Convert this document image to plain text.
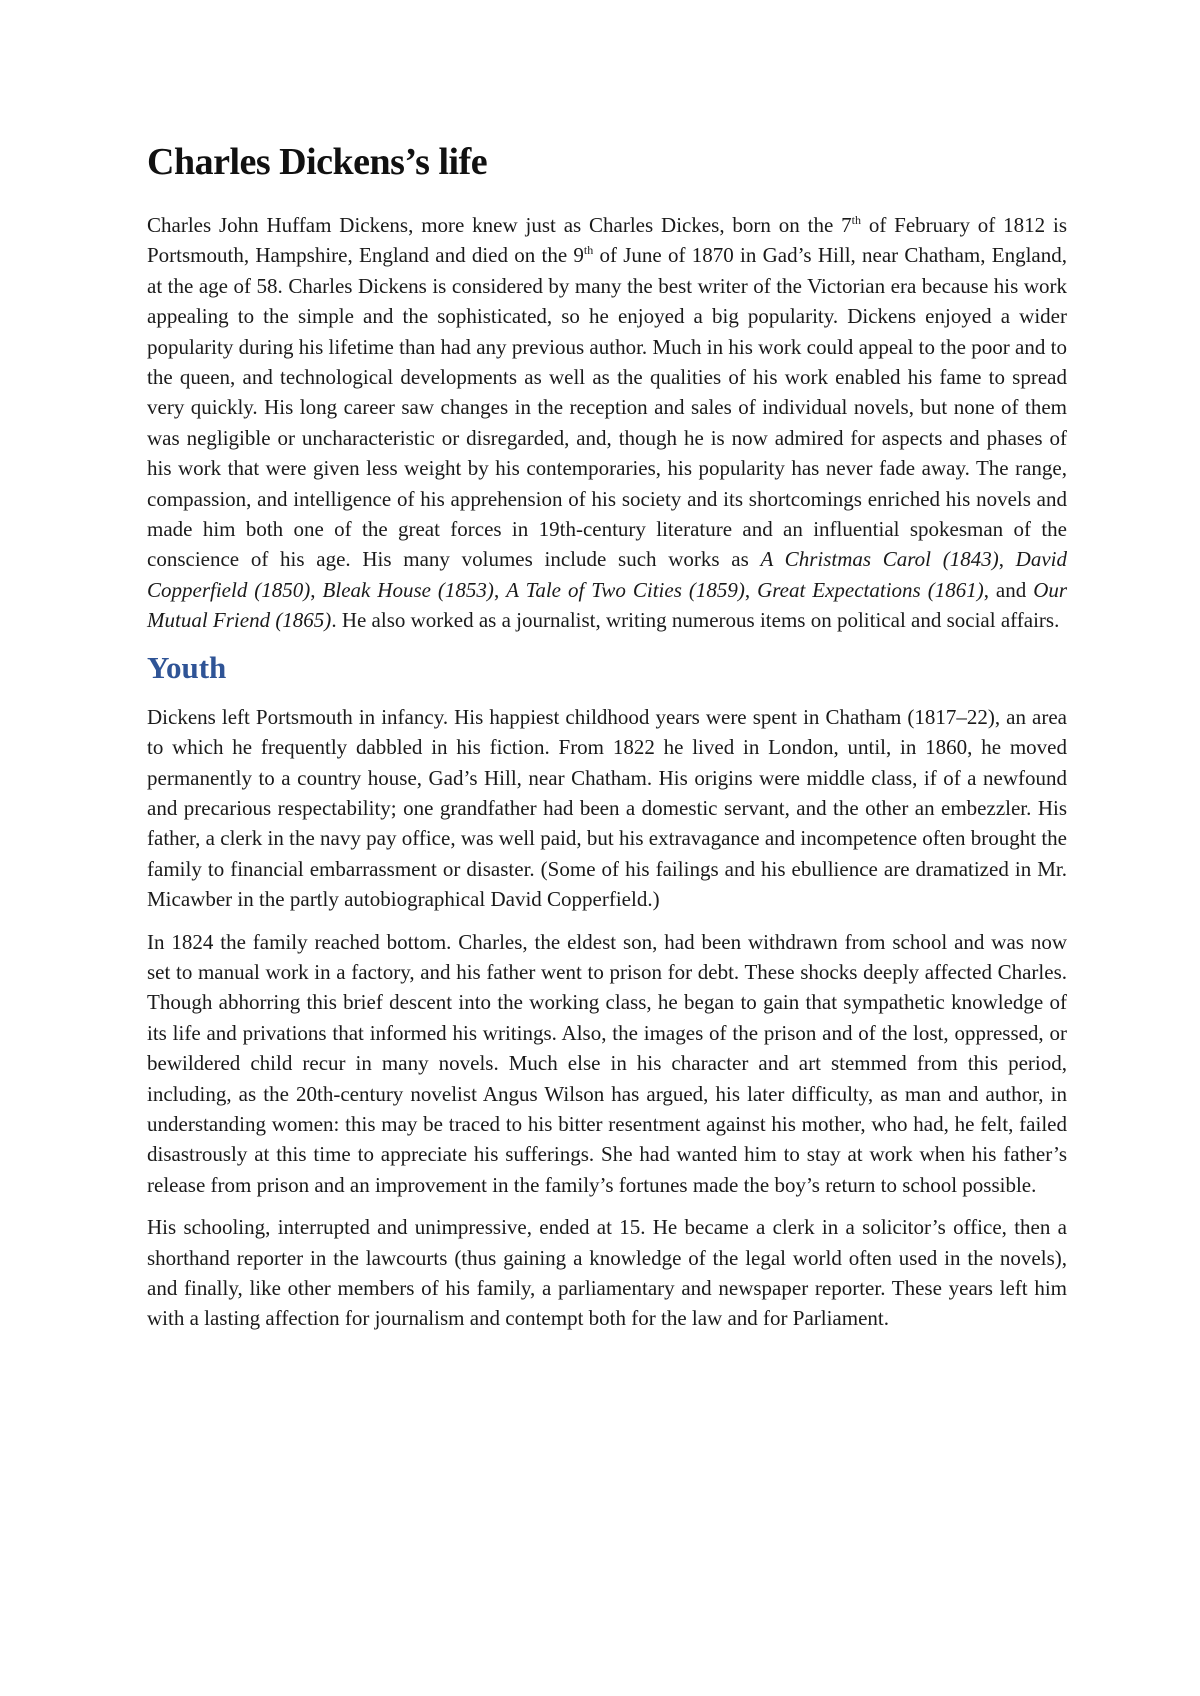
Charles Dickens’s life

Charles John Huffam Dickens, more knew just as Charles Dickes, born on the 7th of February of 1812 is Portsmouth, Hampshire, England and died on the 9th of June of 1870 in Gad’s Hill, near Chatham, England, at the age of 58. Charles Dickens is considered by many the best writer of the Victorian era because his work appealing to the simple and the sophisticated, so he enjoyed a big popularity. Dickens enjoyed a wider popularity during his lifetime than had any previous author. Much in his work could appeal to the poor and to the queen, and technological developments as well as the qualities of his work enabled his fame to spread very quickly. His long career saw changes in the reception and sales of individual novels, but none of them was negligible or uncharacteristic or disregarded, and, though he is now admired for aspects and phases of his work that were given less weight by his contemporaries, his popularity has never fade away. The range, compassion, and intelligence of his apprehension of his society and its shortcomings enriched his novels and made him both one of the great forces in 19th-century literature and an influential spokesman of the conscience of his age. His many volumes include such works as A Christmas Carol (1843), David Copperfield (1850), Bleak House (1853), A Tale of Two Cities (1859), Great Expectations (1861), and Our Mutual Friend (1865). He also worked as a journalist, writing numerous items on political and social affairs.

Youth

Dickens left Portsmouth in infancy. His happiest childhood years were spent in Chatham (1817–22), an area to which he frequently dabbled in his fiction. From 1822 he lived in London, until, in 1860, he moved permanently to a country house, Gad’s Hill, near Chatham. His origins were middle class, if of a newfound and precarious respectability; one grandfather had been a domestic servant, and the other an embezzler. His father, a clerk in the navy pay office, was well paid, but his extravagance and incompetence often brought the family to financial embarrassment or disaster. (Some of his failings and his ebullience are dramatized in Mr. Micawber in the partly autobiographical David Copperfield.)

In 1824 the family reached bottom. Charles, the eldest son, had been withdrawn from school and was now set to manual work in a factory, and his father went to prison for debt. These shocks deeply affected Charles. Though abhorring this brief descent into the working class, he began to gain that sympathetic knowledge of its life and privations that informed his writings. Also, the images of the prison and of the lost, oppressed, or bewildered child recur in many novels. Much else in his character and art stemmed from this period, including, as the 20th-century novelist Angus Wilson has argued, his later difficulty, as man and author, in understanding women: this may be traced to his bitter resentment against his mother, who had, he felt, failed disastrously at this time to appreciate his sufferings. She had wanted him to stay at work when his father’s release from prison and an improvement in the family’s fortunes made the boy’s return to school possible.

His schooling, interrupted and unimpressive, ended at 15. He became a clerk in a solicitor’s office, then a shorthand reporter in the lawcourts (thus gaining a knowledge of the legal world often used in the novels), and finally, like other members of his family, a parliamentary and newspaper reporter. These years left him with a lasting affection for journalism and contempt both for the law and for Parliament.
